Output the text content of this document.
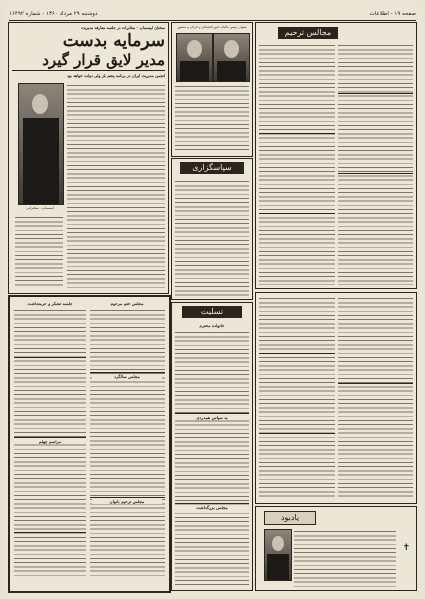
صفحه ۱۹ - اطلاعات
دوشنبه ۲۹ مرداد ۱۳۶۰ - شماره ۱۶۴۹۲
سخنان ابیسماپ - مخابرات در جلسه معارفه مدیریت
سرمایه بدست
مدیر لایق قرار گیرد
انجمن مدیریت ایران در برنامه پنجم باز ولی دولت خواهد بود
ابیسماپ - سخنرانی
بعنوان رئیس مالیات امور اقتصادی و دارائی و منشور
سپاسگزاری
مجالس ترحیم
مجلس ختم مرحوم
جلسه تشکر و حرمتداشت
مجلس سالگرد
مراسم چهلم
مجلس ترحیم بانوان
تسلیت
خانواده محترم
به سپاس همدردی
مجلس بزرگداشت
یادبود
✝
